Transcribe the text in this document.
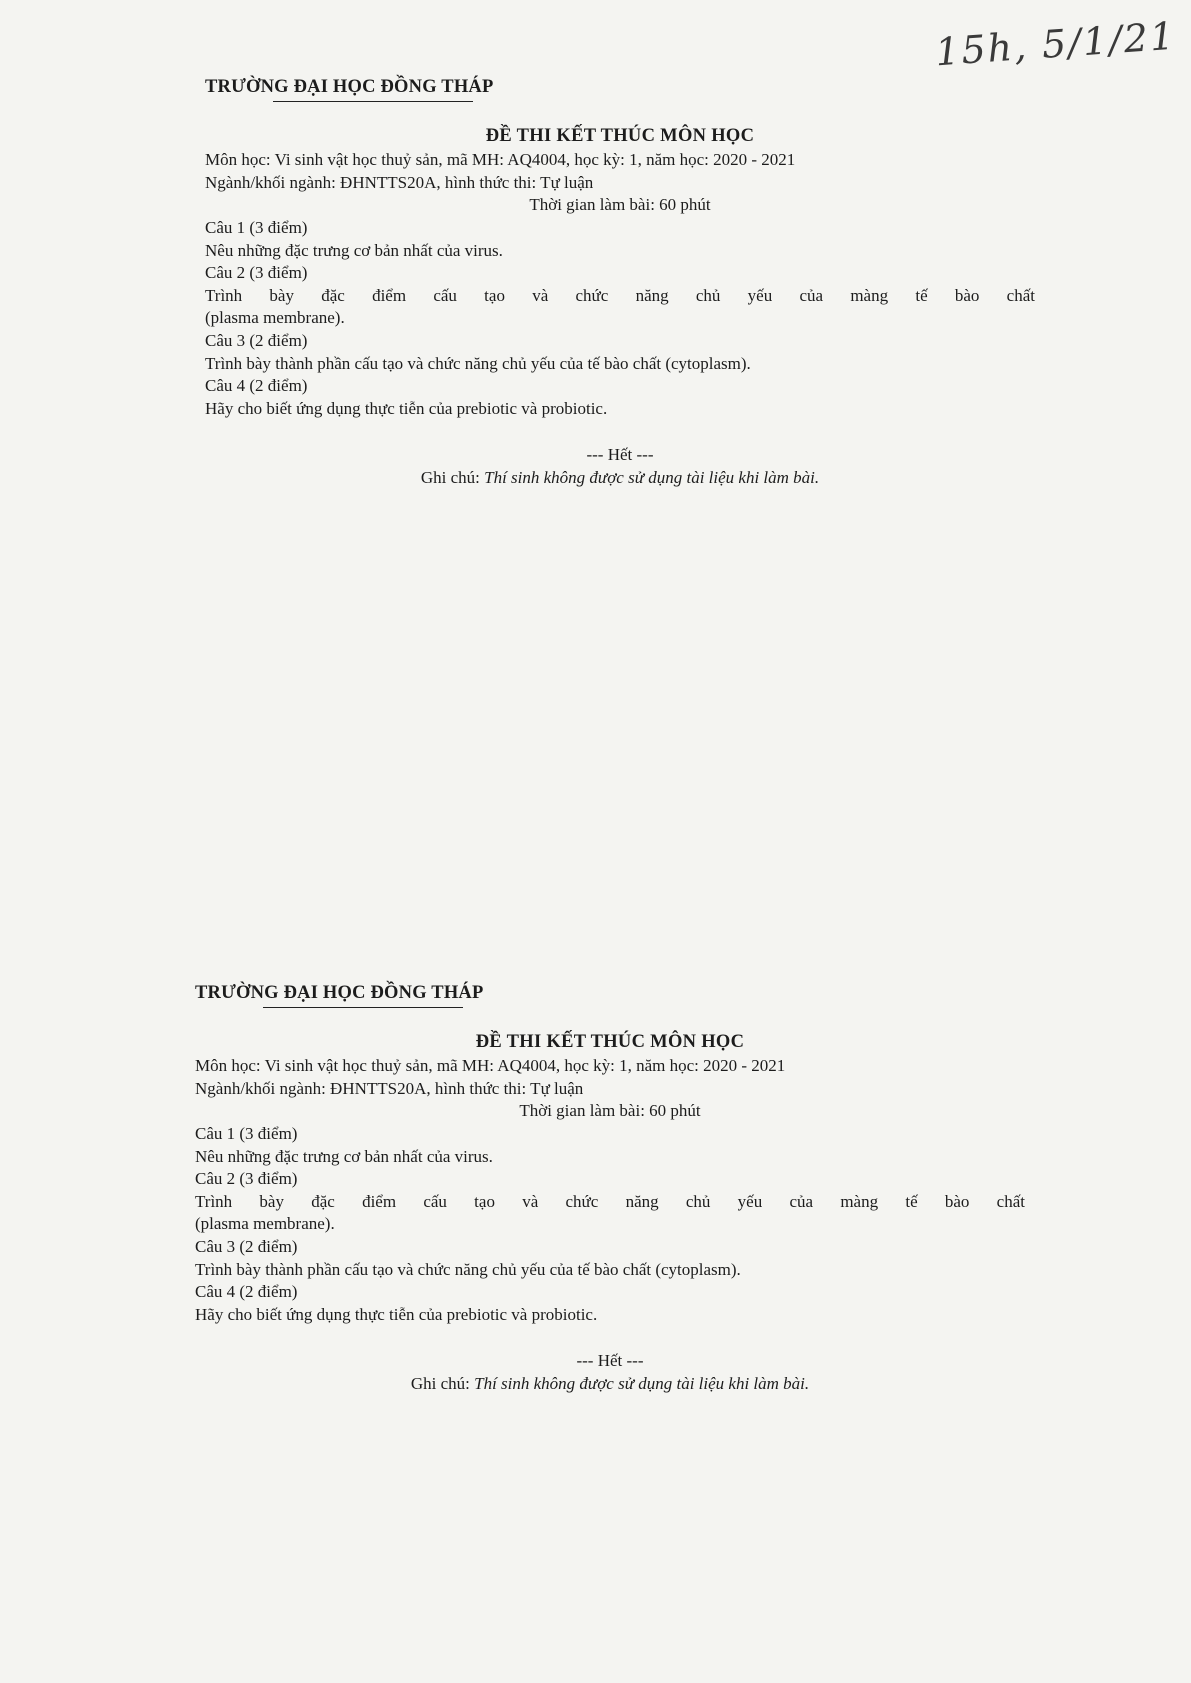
15h, 5/1/21
TRƯỜNG ĐẠI HỌC ĐỒNG THÁP

ĐỀ THI KẾT THÚC MÔN HỌC

Môn học: Vi sinh vật học thuỷ sản, mã MH: AQ4004, học kỳ: 1, năm học: 2020 - 2021

Ngành/khối ngành: ĐHNTTS20A, hình thức thi: Tự luận

Thời gian làm bài: 60 phút

Câu 1 (3 điểm)

Nêu những đặc trưng cơ bản nhất của virus.

Câu 2 (3 điểm)

Trình bày đặc điểm cấu tạo và chức năng chủ yếu của màng tế bào chất

(plasma membrane).

Câu 3 (2 điểm)

Trình bày thành phần cấu tạo và chức năng chủ yếu của tế bào chất (cytoplasm).

Câu 4 (2 điểm)

Hãy cho biết ứng dụng thực tiễn của prebiotic và probiotic.

--- Hết ---

Ghi chú: Thí sinh không được sử dụng tài liệu khi làm bài.

TRƯỜNG ĐẠI HỌC ĐỒNG THÁP

ĐỀ THI KẾT THÚC MÔN HỌC

Môn học: Vi sinh vật học thuỷ sản, mã MH: AQ4004, học kỳ: 1, năm học: 2020 - 2021

Ngành/khối ngành: ĐHNTTS20A, hình thức thi: Tự luận

Thời gian làm bài: 60 phút

Câu 1 (3 điểm)

Nêu những đặc trưng cơ bản nhất của virus.

Câu 2 (3 điểm)

Trình bày đặc điểm cấu tạo và chức năng chủ yếu của màng tế bào chất

(plasma membrane).

Câu 3 (2 điểm)

Trình bày thành phần cấu tạo và chức năng chủ yếu của tế bào chất (cytoplasm).

Câu 4 (2 điểm)

Hãy cho biết ứng dụng thực tiễn của prebiotic và probiotic.

--- Hết ---

Ghi chú: Thí sinh không được sử dụng tài liệu khi làm bài.
